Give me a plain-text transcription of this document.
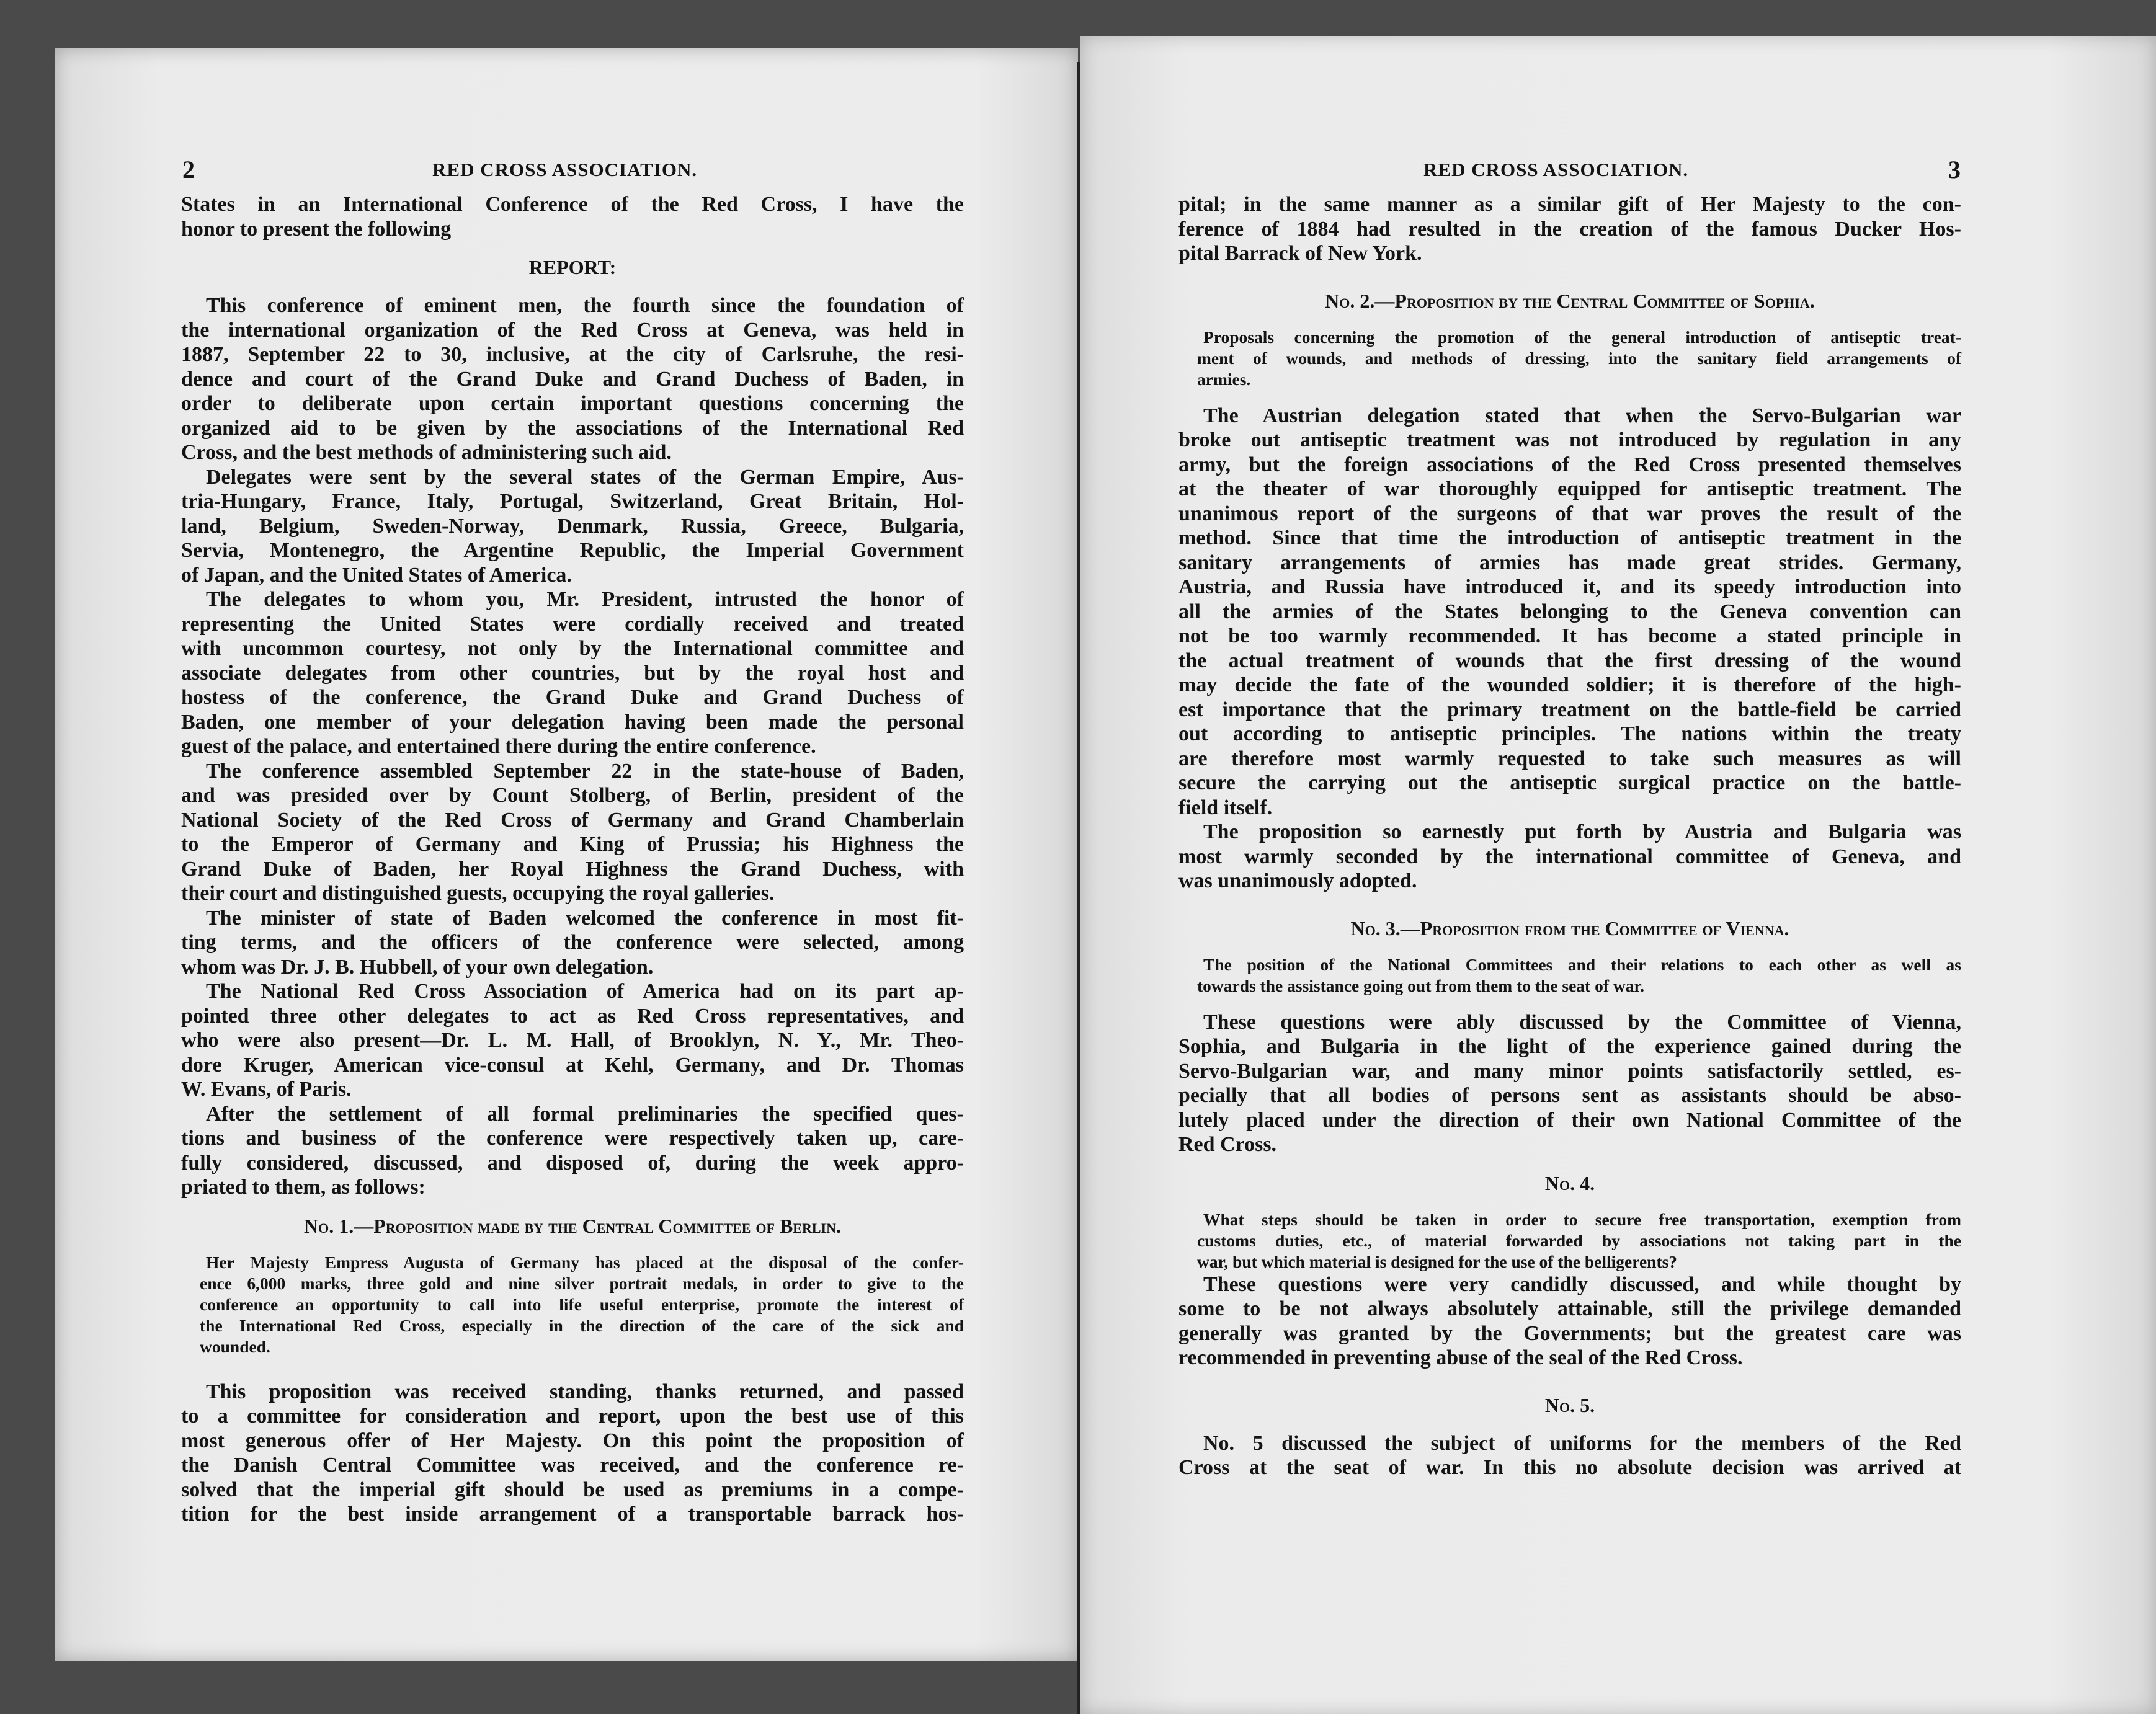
2	RED CROSS ASSOCIATION.
States in an International Conference of the Red Cross, I have the
honor to present the following
REPORT:
This conference of eminent men, the fourth since the foundation of
the international organization of the Red Cross at Geneva, was held in
1887, September 22 to 30, inclusive, at the city of Carlsruhe, the resi-
dence and court of the Grand Duke and Grand Duchess of Baden, in
order to deliberate upon certain important questions concerning the
organized aid to be given by the associations of the International Red
Cross, and the best methods of administering such aid.
Delegates were sent by the several states of the German Empire, Aus-
tria-Hungary, France, Italy, Portugal, Switzerland, Great Britain, Hol-
land, Belgium, Sweden-Norway, Denmark, Russia, Greece, Bulgaria,
Servia, Montenegro, the Argentine Republic, the Imperial Government
of Japan, and the United States of America.
The delegates to whom you, Mr. President, intrusted the honor of
representing the United States were cordially received and treated
with uncommon courtesy, not only by the International committee and
associate delegates from other countries, but by the royal host and
hostess of the conference, the Grand Duke and Grand Duchess of
Baden, one member of your delegation having been made the personal
guest of the palace, and entertained there during the entire conference.
The conference assembled September 22 in the state-house of Baden,
and was presided over by Count Stolberg, of Berlin, president of the
National Society of the Red Cross of Germany and Grand Chamberlain
to the Emperor of Germany and King of Prussia; his Highness the
Grand Duke of Baden, her Royal Highness the Grand Duchess, with
their court and distinguished guests, occupying the royal galleries.
The minister of state of Baden welcomed the conference in most fit-
ting terms, and the officers of the conference were selected, among
whom was Dr. J. B. Hubbell, of your own delegation.
The National Red Cross Association of America had on its part ap-
pointed three other delegates to act as Red Cross representatives, and
who were also present—Dr. L. M. Hall, of Brooklyn, N. Y., Mr. Theo-
dore Kruger, American vice-consul at Kehl, Germany, and Dr. Thomas
W. Evans, of Paris.
After the settlement of all formal preliminaries the specified ques-
tions and business of the conference were respectively taken up, care-
fully considered, discussed, and disposed of, during the week appro-
priated to them, as follows:
No. 1.—Proposition made by the Central Committee of Berlin.
Her Majesty Empress Augusta of Germany has placed at the disposal of the confer-
ence 6,000 marks, three gold and nine silver portrait medals, in order to give to the
conference an opportunity to call into life useful enterprise, promote the interest of
the International Red Cross, especially in the direction of the care of the sick and
wounded.
This proposition was received standing, thanks returned, and passed
to a committee for consideration and report, upon the best use of this
most generous offer of Her Majesty. On this point the proposition of
the Danish Central Committee was received, and the conference re-
solved that the imperial gift should be used as premiums in a compe-
tition for the best inside arrangement of a transportable barrack hos-
3
RED CROSS ASSOCIATION.
pital; in the same manner as a similar gift of Her Majesty to the con-
ference of 1884 had resulted in the creation of the famous Ducker Hos-
pital Barrack of New York.
No. 2.—Proposition by the Central Committee of Sophia.
Proposals concerning the promotion of the general introduction of antiseptic treat-
ment of wounds, and methods of dressing, into the sanitary field arrangements of
armies.
The Austrian delegation stated that when the Servo-Bulgarian war
broke out antiseptic treatment was not introduced by regulation in any
army, but the foreign associations of the Red Cross presented themselves
at the theater of war thoroughly equipped for antiseptic treatment. The
unanimous report of the surgeons of that war proves the result of the
method. Since that time the introduction of antiseptic treatment in the
sanitary arrangements of armies has made great strides. Germany,
Austria, and Russia have introduced it, and its speedy introduction into
all the armies of the States belonging to the Geneva convention can
not be too warmly recommended. It has become a stated principle in
the actual treatment of wounds that the first dressing of the wound
may decide the fate of the wounded soldier; it is therefore of the high-
est importance that the primary treatment on the battle-field be carried
out according to antiseptic principles. The nations within the treaty
are therefore most warmly requested to take such measures as will
secure the carrying out the antiseptic surgical practice on the battle-
field itself.
The proposition so earnestly put forth by Austria and Bulgaria was
most warmly seconded by the international committee of Geneva, and
was unanimously adopted.
No. 3.—Proposition from the Committee of Vienna.
The position of the National Committees and their relations to each other as well as
towards the assistance going out from them to the seat of war.
These questions were ably discussed by the Committee of Vienna,
Sophia, and Bulgaria in the light of the experience gained during the
Servo-Bulgarian war, and many minor points satisfactorily settled, es-
pecially that all bodies of persons sent as assistants should be abso-
lutely placed under the direction of their own National Committee of the
Red Cross.
No. 4.
What steps should be taken in order to secure free transportation, exemption from
customs duties, etc., of material forwarded by associations not taking part in the
war, but which material is designed for the use of the belligerents?
These questions were very candidly discussed, and while thought by
some to be not always absolutely attainable, still the privilege demanded
generally was granted by the Governments; but the greatest care was
recommended in preventing abuse of the seal of the Red Cross.
No. 5.
No. 5 discussed the subject of uniforms for the members of the Red
Cross at the seat of war. In this no absolute decision was arrived at
